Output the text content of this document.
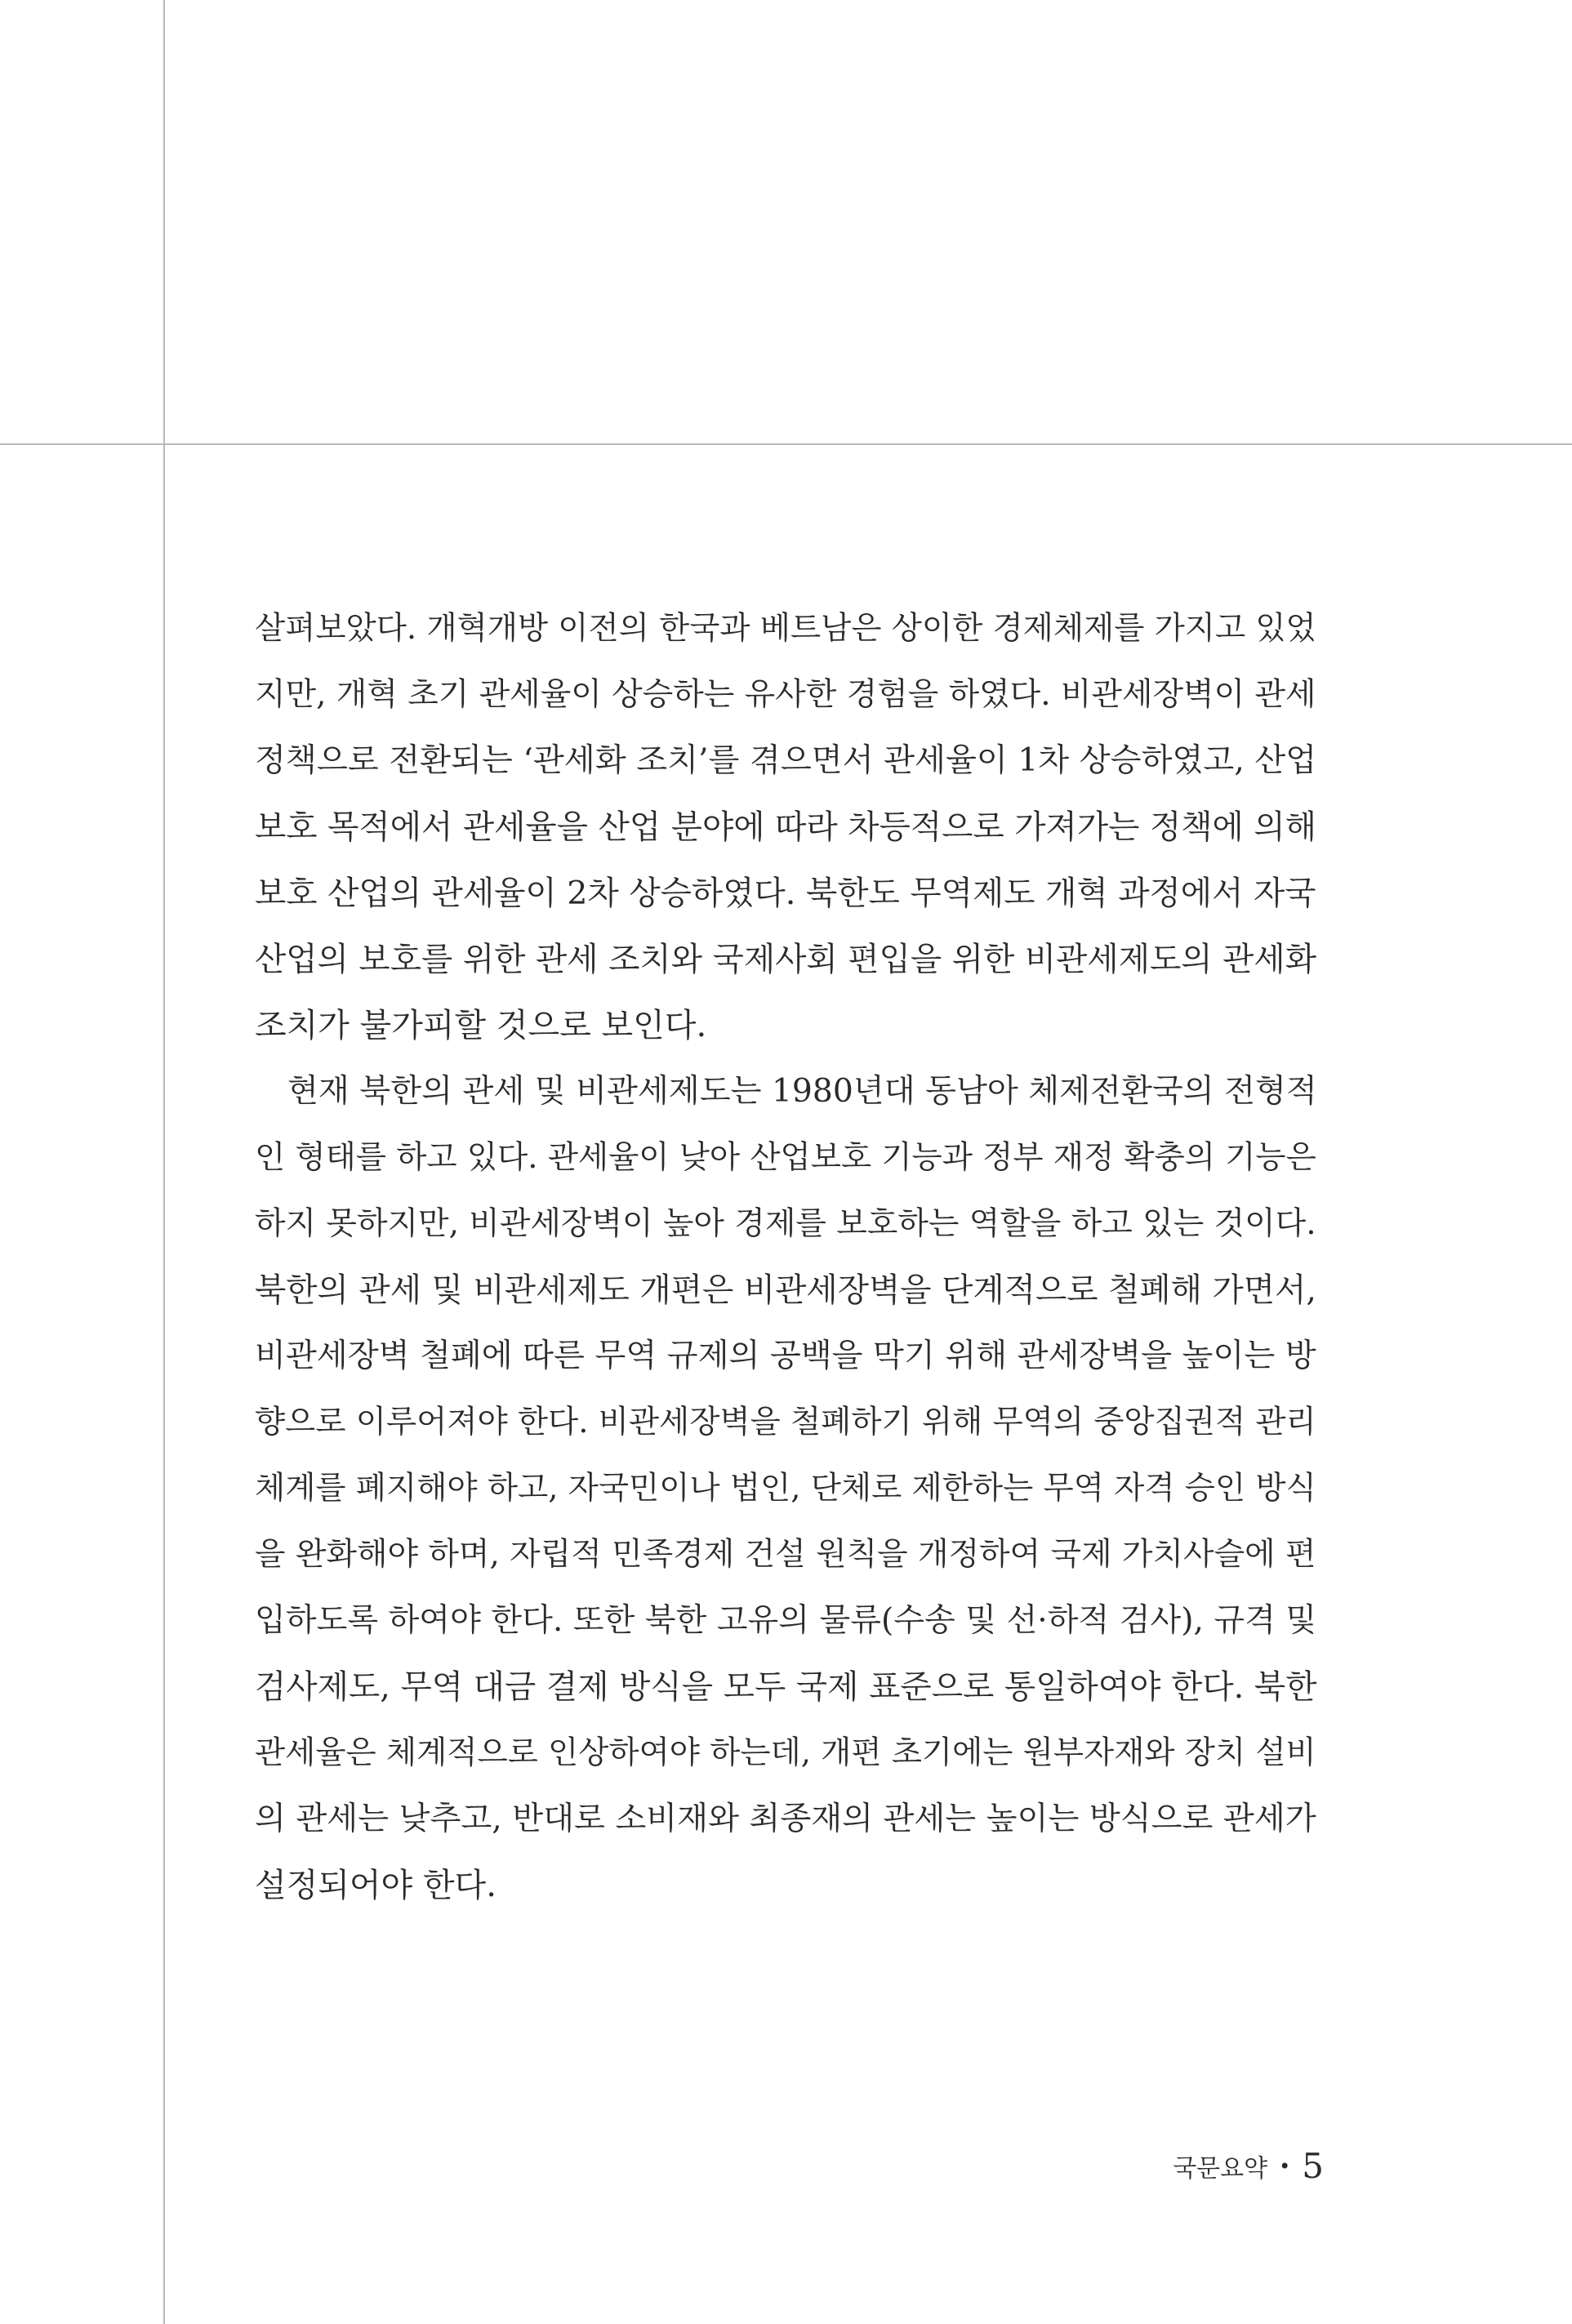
살펴보았다. 개혁개방 이전의 한국과 베트남은 상이한 경제체제를 가지고 있었
지만, 개혁 초기 관세율이 상승하는 유사한 경험을 하였다. 비관세장벽이 관세
정책으로 전환되는 ‘관세화 조치’를 겪으면서 관세율이 1차 상승하였고, 산업
보호 목적에서 관세율을 산업 분야에 따라 차등적으로 가져가는 정책에 의해
보호 산업의 관세율이 2차 상승하였다. 북한도 무역제도 개혁 과정에서 자국
산업의 보호를 위한 관세 조치와 국제사회 편입을 위한 비관세제도의 관세화
조치가 불가피할 것으로 보인다.
현재 북한의 관세 및 비관세제도는 1980년대 동남아 체제전환국의 전형적
인 형태를 하고 있다. 관세율이 낮아 산업보호 기능과 정부 재정 확충의 기능은
하지 못하지만, 비관세장벽이 높아 경제를 보호하는 역할을 하고 있는 것이다.
북한의 관세 및 비관세제도 개편은 비관세장벽을 단계적으로 철폐해 가면서,
비관세장벽 철폐에 따른 무역 규제의 공백을 막기 위해 관세장벽을 높이는 방
향으로 이루어져야 한다. 비관세장벽을 철폐하기 위해 무역의 중앙집권적 관리
체계를 폐지해야 하고, 자국민이나 법인, 단체로 제한하는 무역 자격 승인 방식
을 완화해야 하며, 자립적 민족경제 건설 원칙을 개정하여 국제 가치사슬에 편
입하도록 하여야 한다. 또한 북한 고유의 물류(수송 및 선·하적 검사), 규격 및
검사제도, 무역 대금 결제 방식을 모두 국제 표준으로 통일하여야 한다. 북한
관세율은 체계적으로 인상하여야 하는데, 개편 초기에는 원부자재와 장치 설비
의 관세는 낮추고, 반대로 소비재와 최종재의 관세는 높이는 방식으로 관세가
설정되어야 한다.
국문요약 • 5
